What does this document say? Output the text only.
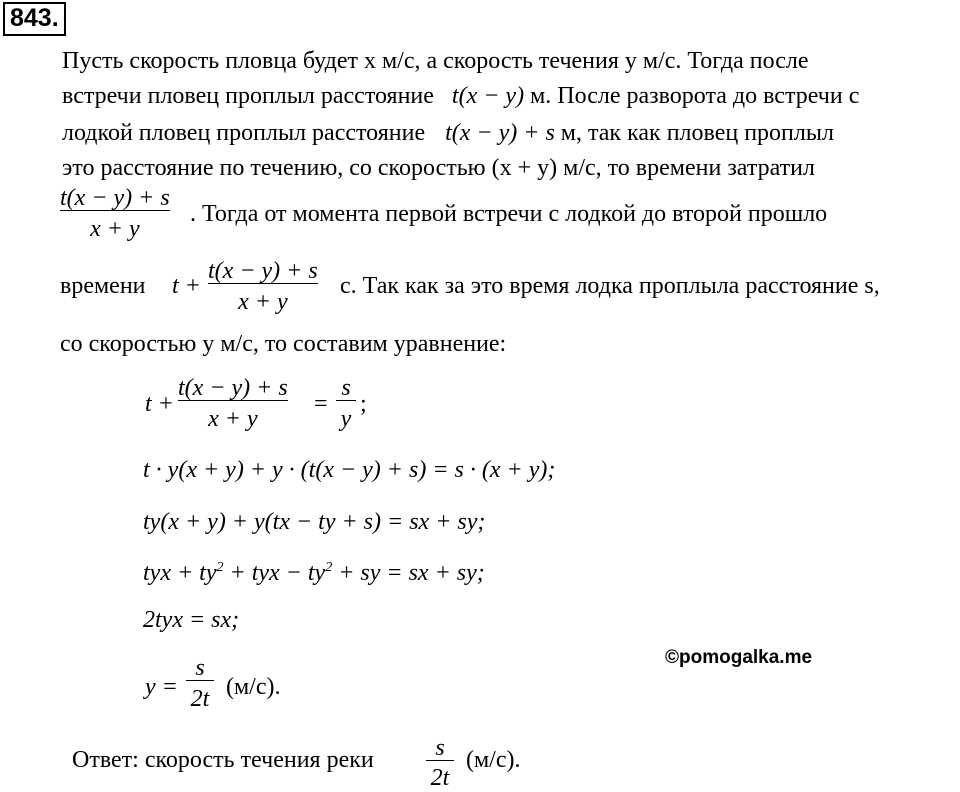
843.
Пусть скорость пловца будет x м/с, а скорость течения y м/с. Тогда после
встречи пловец проплыл расстояние t(x − y) м. После разворота до встречи с
лодкой пловец проплыл расстояние t(x − y) + s м, так как пловец проплыл
это расстояние по течению, со скоростью (x + y) м/с, то времени затратил
t(x − y) + s
x + y
. Тогда от момента первой встречи с лодкой до второй прошло
времени t +
t(x − y) + s
x + y
с. Так как за это время лодка проплыла расстояние s,
со скоростью y м/с, то составим уравнение:
t +
t(x − y) + s
x + y
=
s
y
;
t · y(x + y) + y · (t(x − y) + s) = s · (x + y);
ty(x + y) + y(tx − ty + s) = sx + sy;
tyx + $ty^2$ + tyx − $ty^2$ + sy = sx + sy;
2tyx = sx;
y =
s
2t (м/с).
©pomogalka.me
Ответ: скорость течения реки	s
2t
(м/с).
